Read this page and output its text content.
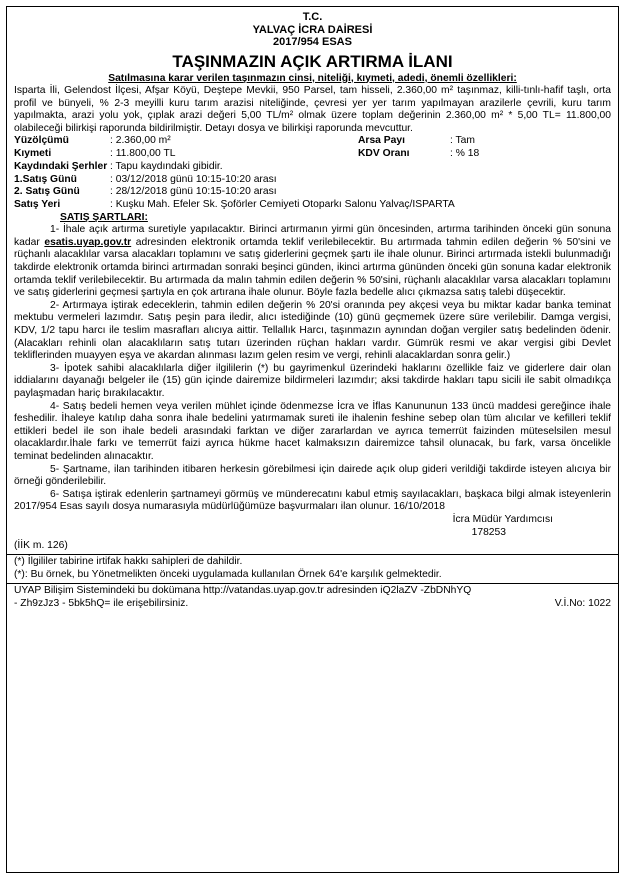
T.C.
YALVAÇ İCRA DAİRESİ
2017/954 ESAS
TAŞINMAZIN AÇIK ARTIRMA İLANI
Satılmasına karar verilen taşınmazın cinsi, niteliği, kıymeti, adedi, önemli özellikleri:
Isparta İli, Gelendost İlçesi, Afşar Köyü, Deştepe Mevkii, 950 Parsel, tam hisseli, 2.360,00 m² taşınmaz, killi-tınlı-hafif taşlı, orta profil ve bünyeli, % 2-3 meyilli kuru tarım arazisi niteliğinde, çevresi yer yer tarım yapılmayan arazilerle çevrili, kuru tarım yapılmakta, arazi yolu yok, çıplak arazi değeri 5,00 TL/m² olmak üzere toplam değerinin 2.360,00 m² * 5,00 TL= 11.800,00 olabileceği bilirkişi raporunda bildirilmiştir. Detayı dosya ve bilirkişi raporunda mevcuttur.
Yüzölçümü	: 2.360,00 m²	Arsa Payı	: Tam
Kıymeti	: 11.800,00 TL	KDV Oranı	: % 18
Kaydındaki Şerhler	: Tapu kaydındaki gibidir.		
1.Satış Günü	: 03/12/2018 günü 10:15-10:20 arası		
2. Satış Günü	: 28/12/2018 günü 10:15-10:20 arası		
Satış Yeri	: Kuşku Mah. Efeler Sk. Şoförler Cemiyeti Otoparkı Salonu Yalvaç/ISPARTA		
SATIŞ ŞARTLARI:
1- İhale açık artırma suretiyle yapılacaktır. Birinci artırmanın yirmi gün öncesinden, artırma tarihinden önceki gün sonuna kadar esatis.uyap.gov.tr adresinden elektronik ortamda teklif verilebilecektir. Bu artırmada tahmin edilen değerin % 50'sini ve rüçhanlı alacaklılar varsa alacakları toplamını ve satış giderlerini geçmek şartı ile ihale olunur. Birinci artırmada istekli bulunmadığı takdirde elektronik ortamda birinci artırmadan sonraki beşinci günden, ikinci artırma gününden önceki gün sonuna kadar elektronik ortamda teklif verilebilecektir. Bu artırmada da malın tahmin edilen değerin % 50'sini, rüçhanlı alacaklılar varsa alacakları toplamını ve satış giderlerini geçmesi şartıyla en çok artırana ihale olunur. Böyle fazla bedelle alıcı çıkmazsa satış talebi düşecektir.
2- Artırmaya iştirak edeceklerin, tahmin edilen değerin % 20'si oranında pey akçesi veya bu miktar kadar banka teminat mektubu vermeleri lazımdır. Satış peşin para iledir, alıcı istediğinde (10) günü geçmemek üzere süre verilebilir. Damga vergisi, KDV, 1/2 tapu harcı ile teslim masrafları alıcıya aittir. Tellallık Harcı, taşınmazın aynından doğan vergiler satış bedelinden ödenir. (Alacakları rehinli olan alacaklıların satış tutarı üzerinden rüçhan hakları vardır. Gümrük resmi ve akar vergisi gibi Devlet tekliflerinden muayyen eşya ve akardan alınması lazım gelen resim ve vergi, rehinli alacaklardan sonra gelir.)
3- İpotek sahibi alacaklılarla diğer ilgililerin (*) bu gayrimenkul üzerindeki haklarını özellikle faiz ve giderlere dair olan iddialarını dayanağı belgeler ile (15) gün içinde dairemize bildirmeleri lazımdır; aksi takdirde hakları tapu sicili ile sabit olmadıkça paylaşmadan hariç bırakılacaktır.
4- Satış bedeli hemen veya verilen mühlet içinde ödenmezse İcra ve İflas Kanununun 133 üncü maddesi gereğince ihale feshedilir. İhaleye katılıp daha sonra ihale bedelini yatırmamak sureti ile ihalenin feshine sebep olan tüm alıcılar ve kefilleri teklif ettikleri bedel ile son ihale bedeli arasındaki farktan ve diğer zararlardan ve ayrıca temerrüt faizinden müteselsilen mesul olacaklardır.İhale farkı ve temerrüt faizi ayrıca hükme hacet kalmaksızın dairemizce tahsil olunacak, bu fark, varsa öncelikle teminat bedelinden alınacaktır.
5- Şartname, ilan tarihinden itibaren herkesin görebilmesi için dairede açık olup gideri verildiği takdirde isteyen alıcıya bir örneği gönderilebilir.
6- Satışa iştirak edenlerin şartnameyi görmüş ve münderecatını kabul etmiş sayılacakları, başkaca bilgi almak isteyenlerin 2017/954 Esas sayılı dosya numarasıyla müdürlüğümüze başvurmaları ilan olunur. 16/10/2018
İcra Müdür Yardımcısı
178253
(İİK m. 126)
(*) İlgililer tabirine irtifak hakkı sahipleri de dahildir.
(*): Bu örnek, bu Yönetmelikten önceki uygulamada kullanılan Örnek 64'e karşılık gelmektedir.
UYAP Bilişim Sistemindeki bu dokümana http://vatandas.uyap.gov.tr adresinden iQ2laZV -ZbDNhYQ
- Zh9zJz3 - 5bk5hQ= ile erişebilirsiniz.	V.İ.No: 1022
